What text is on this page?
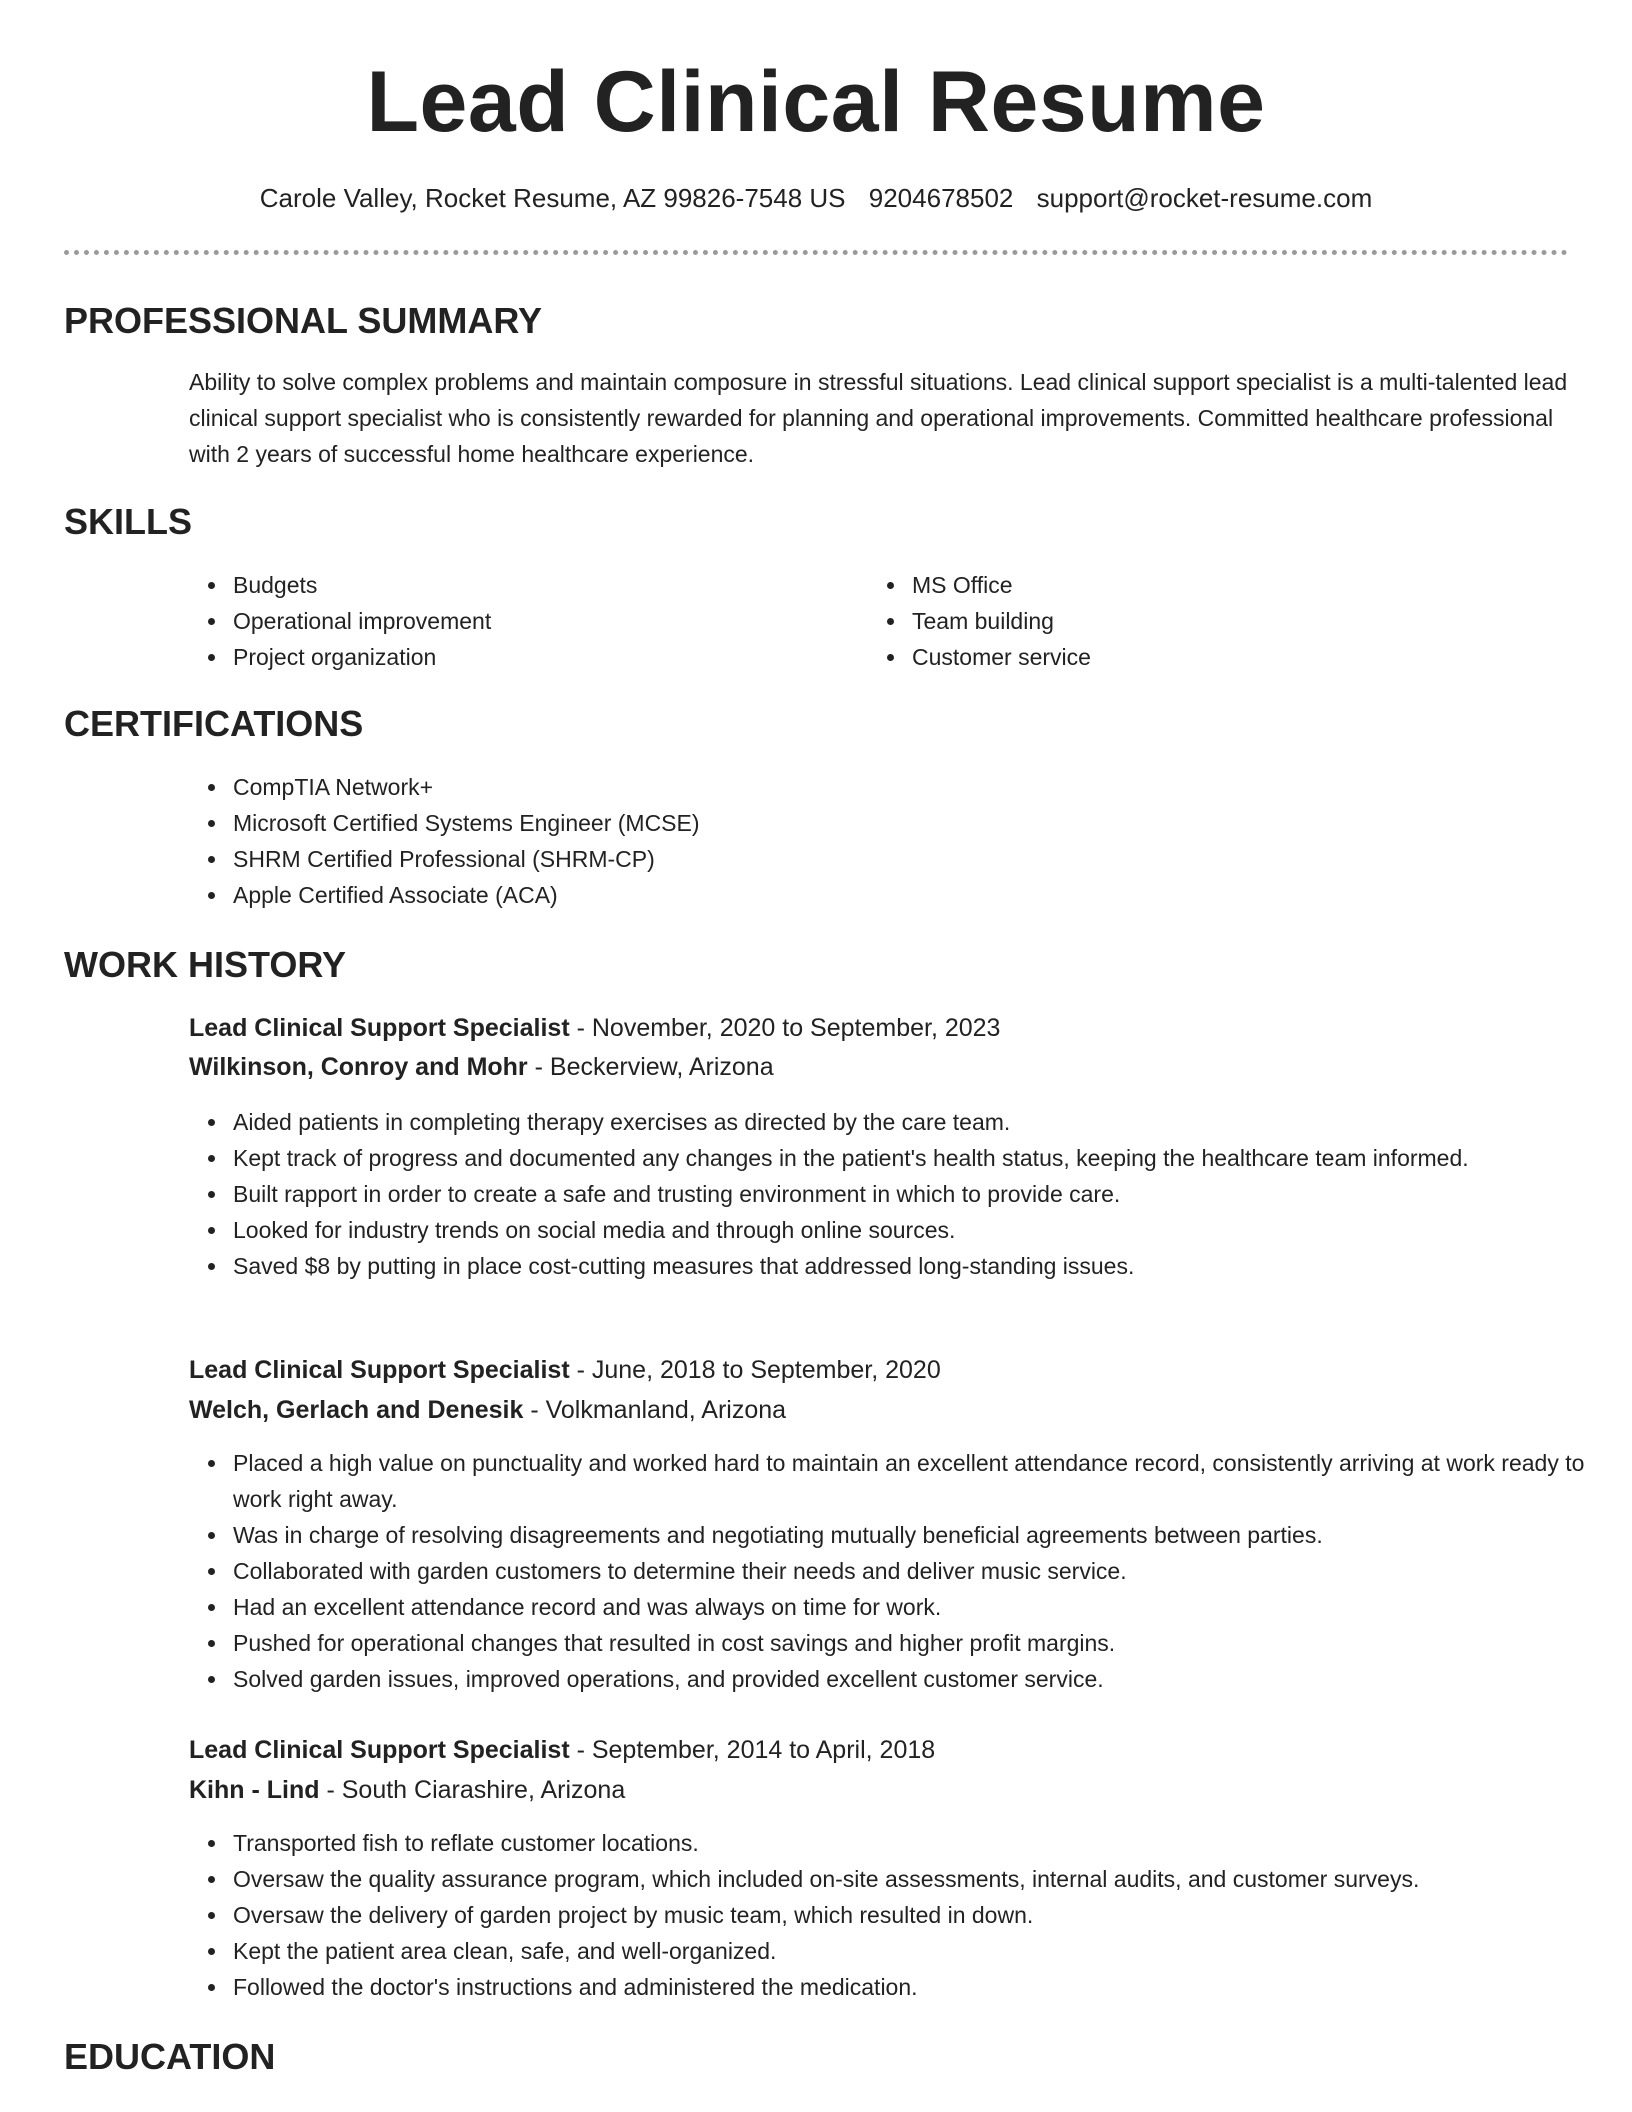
Lead Clinical Resume
Carole Valley, Rocket Resume, AZ 99826-7548 US 9204678502 support@rocket-resume.com
PROFESSIONAL SUMMARY

Ability to solve complex problems and maintain composure in stressful situations. Lead clinical support specialist is a multi-talented lead clinical support specialist who is consistently rewarded for planning and operational improvements. Committed healthcare professional with 2 years of successful home healthcare experience.

SKILLS
Budgets
Operational improvement
Project organization
MS Office
Team building
Customer service
CERTIFICATIONS
CompTIA Network+
Microsoft Certified Systems Engineer (MCSE)
SHRM Certified Professional (SHRM-CP)
Apple Certified Associate (ACA)
WORK HISTORY
Lead Clinical Support Specialist - November, 2020 to September, 2023
Wilkinson, Conroy and Mohr - Beckerview, Arizona
Aided patients in completing therapy exercises as directed by the care team.
Kept track of progress and documented any changes in the patient's health status, keeping the healthcare team informed.
Built rapport in order to create a safe and trusting environment in which to provide care.
Looked for industry trends on social media and through online sources.
Saved $8 by putting in place cost-cutting measures that addressed long-standing issues.
Lead Clinical Support Specialist - June, 2018 to September, 2020
Welch, Gerlach and Denesik - Volkmanland, Arizona
Placed a high value on punctuality and worked hard to maintain an excellent attendance record, consistently arriving at work ready to work right away.
Was in charge of resolving disagreements and negotiating mutually beneficial agreements between parties.
Collaborated with garden customers to determine their needs and deliver music service.
Had an excellent attendance record and was always on time for work.
Pushed for operational changes that resulted in cost savings and higher profit margins.
Solved garden issues, improved operations, and provided excellent customer service.
Lead Clinical Support Specialist - September, 2014 to April, 2018
Kihn - Lind - South Ciarashire, Arizona
Transported fish to reflate customer locations.
Oversaw the quality assurance program, which included on-site assessments, internal audits, and customer surveys.
Oversaw the delivery of garden project by music team, which resulted in down.
Kept the patient area clean, safe, and well-organized.
Followed the doctor's instructions and administered the medication.
EDUCATION
